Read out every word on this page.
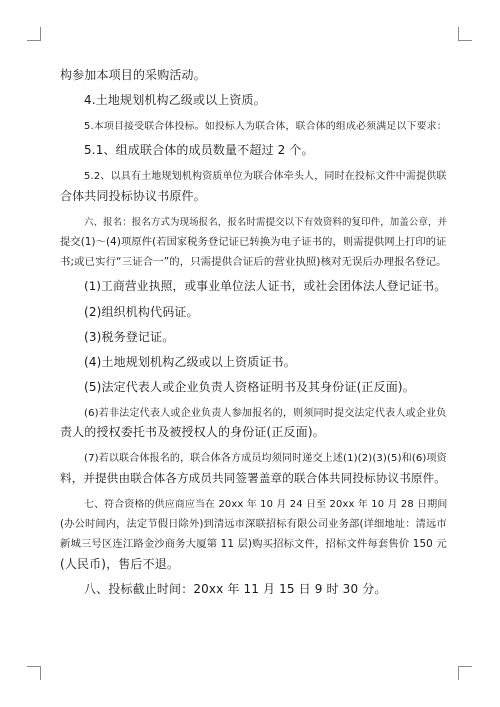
构参加本项目的采购活动。
4.土地规划机构乙级或以上资质。
5.本项目接受联合体投标。如投标人为联合体，联合体的组成必须满足以下要求：
5.1、组成联合体的成员数量不超过 2 个。
5.2、以具有土地规划机构资质单位为联合体牵头人，同时在投标文件中需提供联
合体共同投标协议书原件。
六、报名：报名方式为现场报名，报名时需提交以下有效资料的复印件，加盖公章，并
提交(1)～(4)项原件(若国家税务登记证已转换为电子证书的，则需提供网上打印的证
书;或已实行“三证合一”的，只需提供合证后的营业执照)核对无误后办理报名登记。
(1)工商营业执照，或事业单位法人证书，或社会团体法人登记证书。
(2)组织机构代码证。
(3)税务登记证。
(4)土地规划机构乙级或以上资质证书。
(5)法定代表人或企业负责人资格证明书及其身份证(正反面)。
(6)若非法定代表人或企业负责人参加报名的，则须同时提交法定代表人或企业负
责人的授权委托书及被授权人的身份证(正反面)。
(7)若以联合体报名的，联合体各方成员均须同时递交上述(1)(2)(3)(5)和(6)项资
料，并提供由联合体各方成员共同签署盖章的联合体共同投标协议书原件。
七、符合资格的供应商应当在 20xx 年 10 月 24 日至 20xx 年 10 月 28 日期间
(办公时间内，法定节假日除外)到清远市深联招标有限公司业务部(详细地址：清远市
新城三号区连江路金沙商务大厦第 11 层)购买招标文件，招标文件每套售价 150 元
(人民币)，售后不退。
八、投标截止时间：20xx 年 11 月 15 日 9 时 30 分。
